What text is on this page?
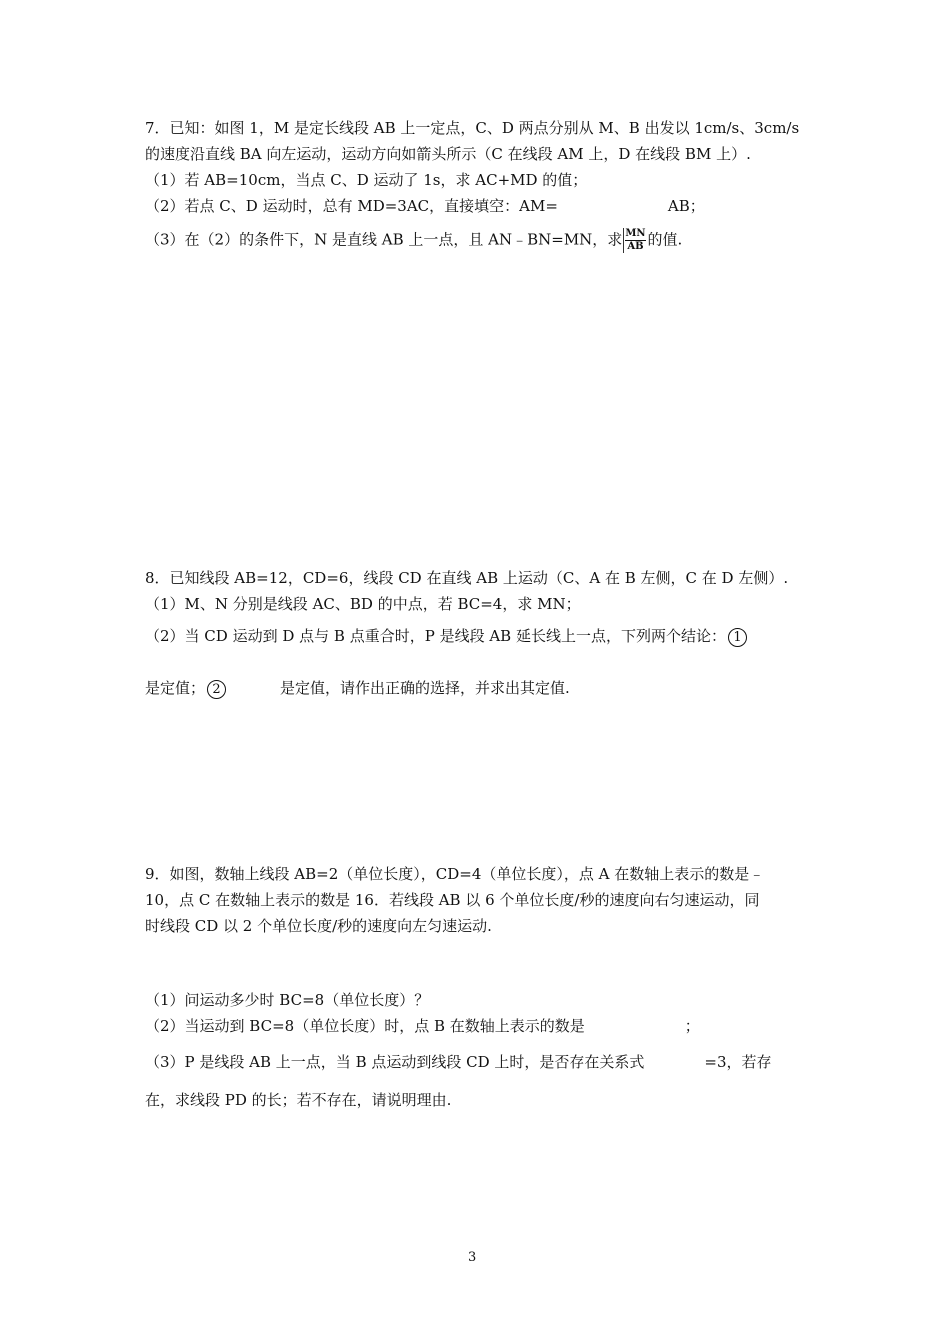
7．已知：如图 1，M 是定长线段 AB 上一定点，C、D 两点分别从 M、B 出发以 1cm/s、3cm/s
的速度沿直线 BA 向左运动，运动方向如箭头所示（C 在线段 AM 上，D 在线段 BM 上）.
（1）若 AB=10cm，当点 C、D 运动了 1s，求 AC+MD 的值；
（2）若点 C、D 运动时，总有 MD=3AC，直接填空：AM=	AB；
（3）在（2）的条件下，N 是直线 AB 上一点，且 AN﹣BN=MN，求 $\frac{MN}{AB}$ 的值.
8．已知线段 AB=12，CD=6，线段 CD 在直线 AB 上运动（C、A 在 B 左侧，C 在 D 左侧）.
（1）M、N 分别是线段 AC、BD 的中点，若 BC=4，求 MN；
（2）当 CD 运动到 D 点与 B 点重合时，P 是线段 AB 延长线上一点，下列两个结论： 1
是定值； 2	是定值，请作出正确的选择，并求出其定值.
9．如图，数轴上线段 AB=2（单位长度），CD=4（单位长度），点 A 在数轴上表示的数是﹣
10，点 C 在数轴上表示的数是 16．若线段 AB 以 6 个单位长度/秒的速度向右匀速运动，同
时线段 CD 以 2 个单位长度/秒的速度向左匀速运动.
（1）问运动多少时 BC=8（单位长度）？
（2）当运动到 BC=8（单位长度）时，点 B 在数轴上表示的数是	；
（3）P 是线段 AB 上一点，当 B 点运动到线段 CD 上时，是否存在关系式	=3，若存
在，求线段 PD 的长；若不存在，请说明理由.
3
